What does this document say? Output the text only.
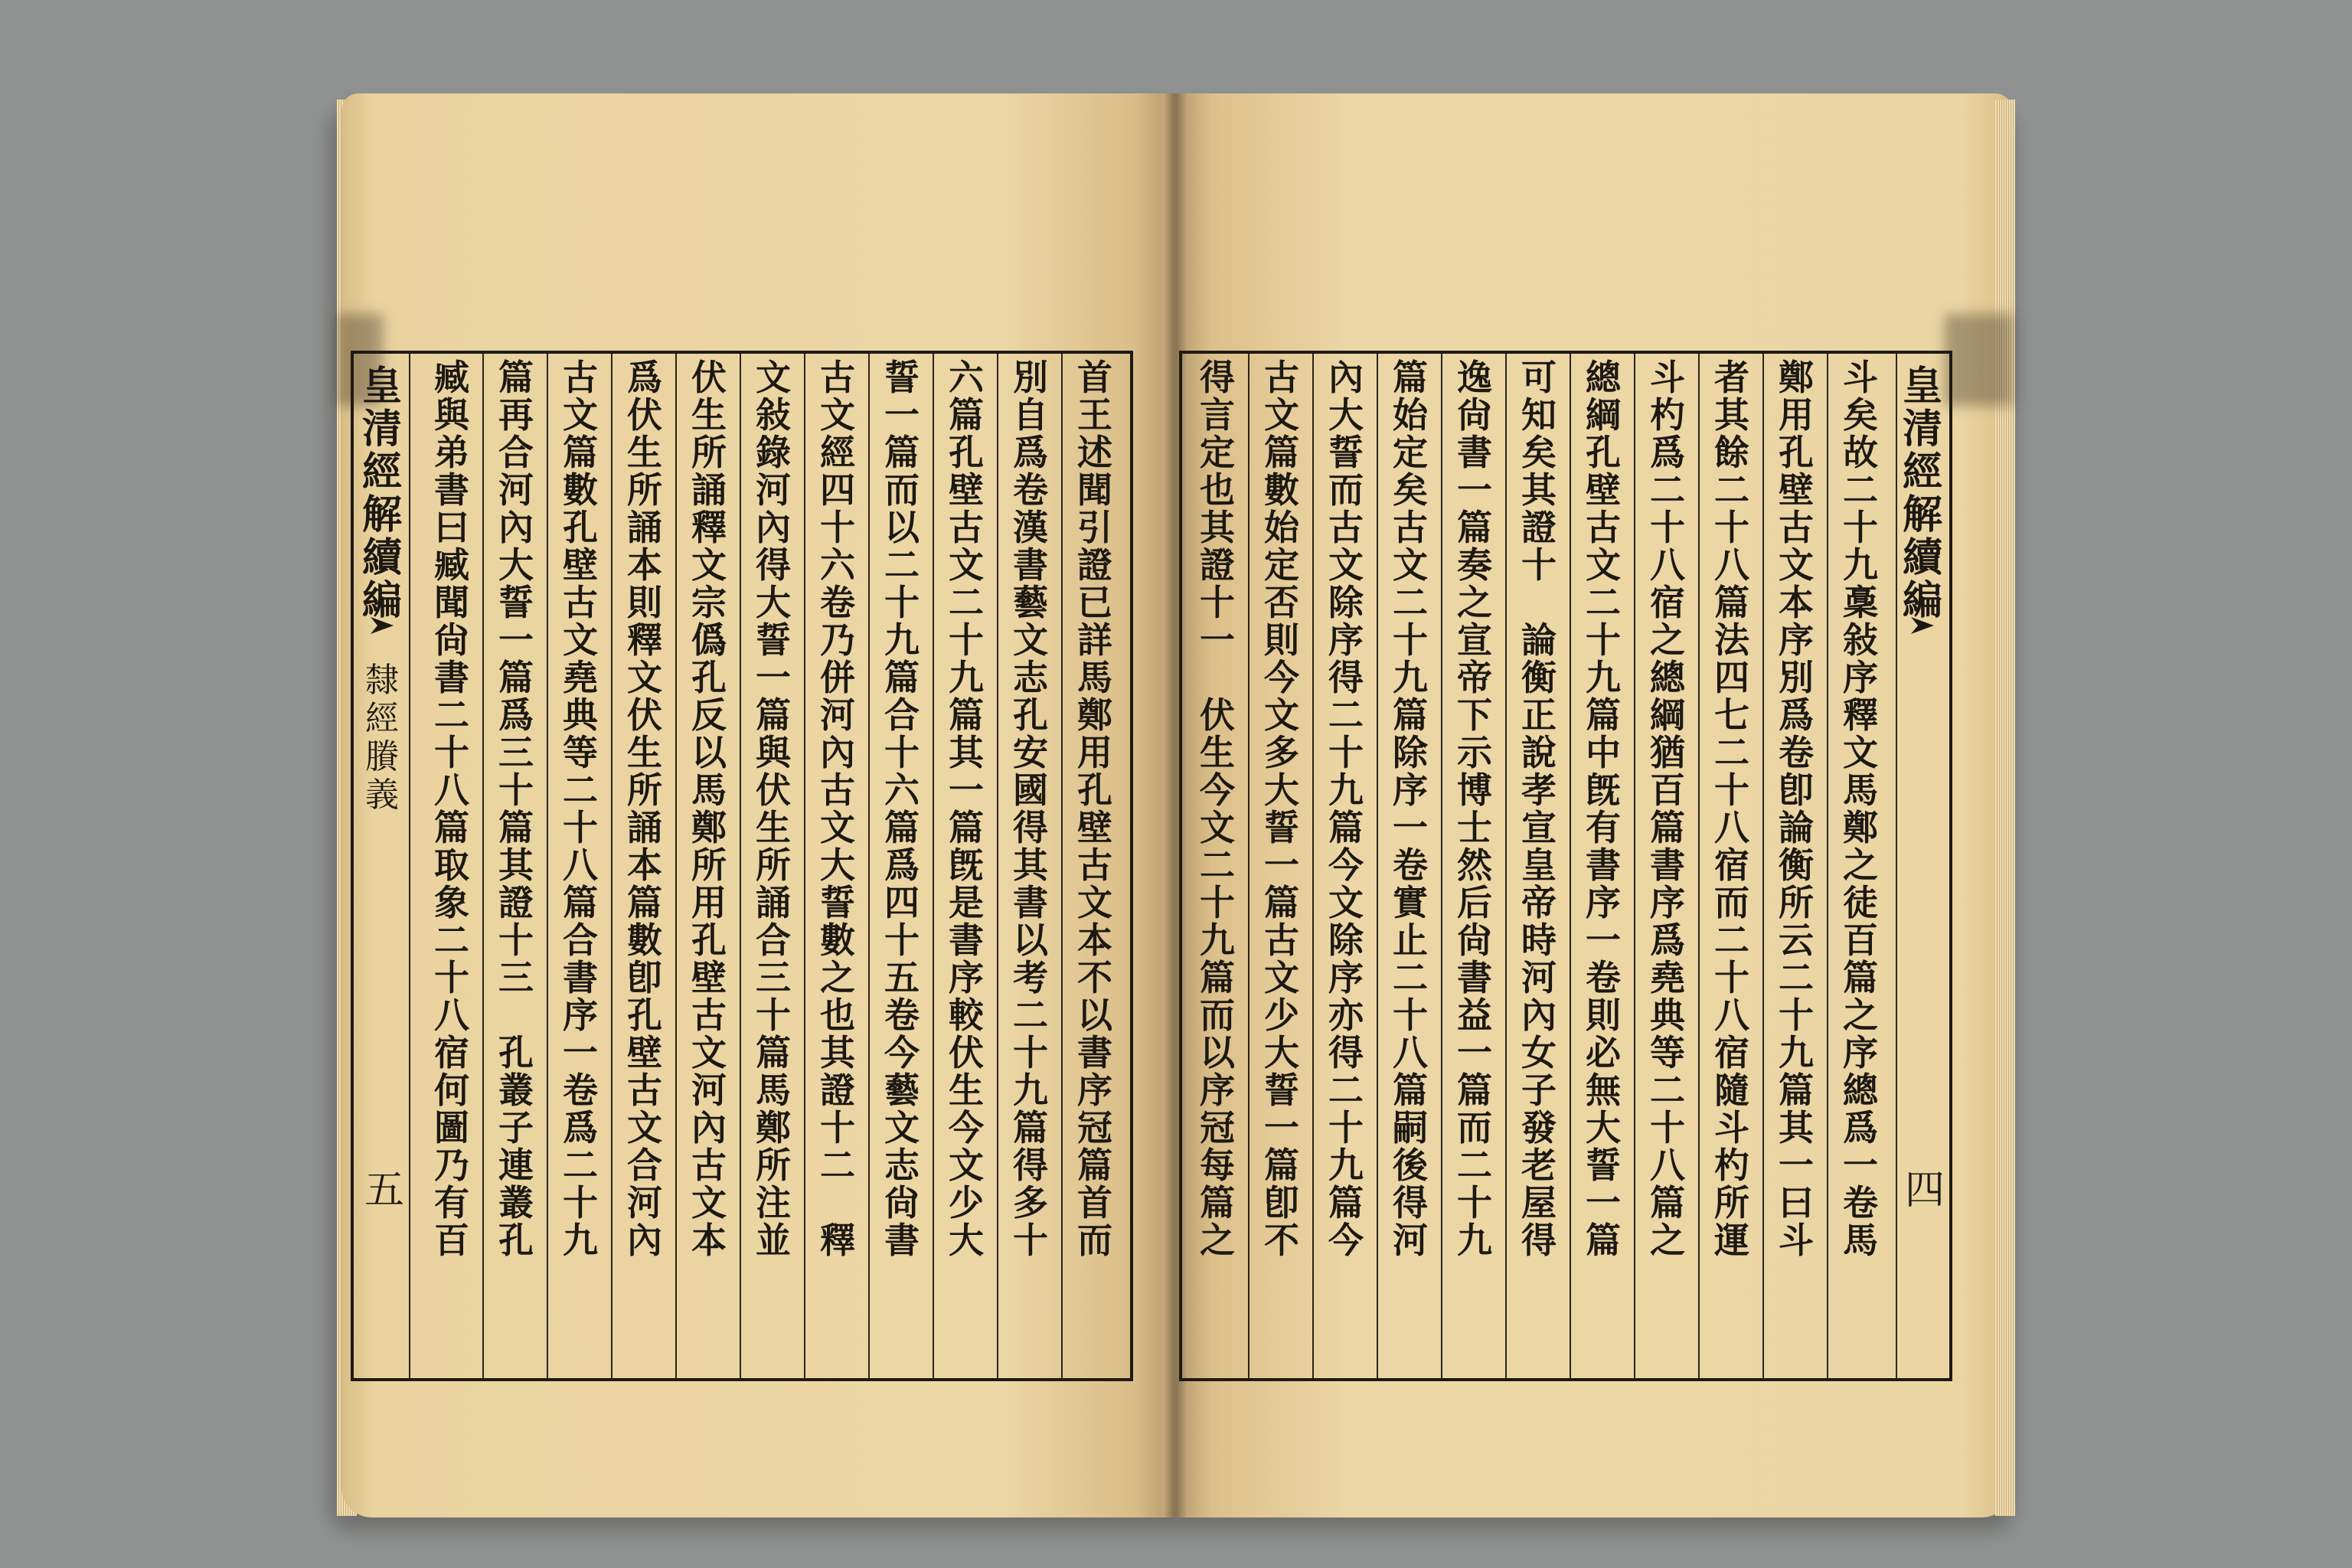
皇
清
經
解
續
編
隸
經
賸
義
五
首
王
述
聞
引
證
已
詳
馬
鄭
用
孔
壁
古
文
本
不
以
書
序
冠
篇
首
而
別
自
爲
卷
漢
書
藝
文
志
孔
安
國
得
其
書
以
考
二
十
九
篇
得
多
十
六
篇
孔
壁
古
文
二
十
九
篇
其
一
篇
旣
是
書
序
較
伏
生
今
文
少
大
誓
一
篇
而
以
二
十
九
篇
合
十
六
篇
爲
四
十
五
卷
今
藝
文
志
尙
書
古
文
經
四
十
六
卷
乃
併
河
內
古
文
大
誓
數
之
也
其
證
十
二

釋
文
敍
錄
河
內
得
大
誓
一
篇
與
伏
生
所
誦
合
三
十
篇
馬
鄭
所
注
並
伏
生
所
誦
釋
文
宗
僞
孔
反
以
馬
鄭
所
用
孔
壁
古
文
河
內
古
文
本
爲
伏
生
所
誦
本
則
釋
文
伏
生
所
誦
本
篇
數
卽
孔
壁
古
文
合
河
內
古
文
篇
數
孔
壁
古
文
堯
典
等
二
十
八
篇
合
書
序
一
卷
爲
二
十
九
篇
再
合
河
內
大
誓
一
篇
爲
三
十
篇
其
證
十
三

孔
叢
子
連
叢
孔
臧
與
弟
書
曰
臧
聞
尙
書
二
十
八
篇
取
象
二
十
八
宿
何
圖
乃
有
百
皇
清
經
解
續
編
四
斗
矣
故
二
十
九
稾
敍
序
釋
文
馬
鄭
之
徒
百
篇
之
序
總
爲
一
卷
馬
鄭
用
孔
壁
古
文
本
序
別
爲
卷
卽
論
衡
所
云
二
十
九
篇
其
一
曰
斗
者
其
餘
二
十
八
篇
法
四
七
二
十
八
宿
而
二
十
八
宿
隨
斗
杓
所
運
斗
杓
爲
二
十
八
宿
之
總
綱
猶
百
篇
書
序
爲
堯
典
等
二
十
八
篇
之
總
綱
孔
壁
古
文
二
十
九
篇
中
旣
有
書
序
一
卷
則
必
無
大
誓
一
篇
可
知
矣
其
證
十

論
衡
正
說
孝
宣
皇
帝
時
河
內
女
子
發
老
屋
得
逸
尙
書
一
篇
奏
之
宣
帝
下
示
博
士
然
后
尙
書
益
一
篇
而
二
十
九
篇
始
定
矣
古
文
二
十
九
篇
除
序
一
卷
實
止
二
十
八
篇
嗣
後
得
河
內
大
誓
而
古
文
除
序
得
二
十
九
篇
今
文
除
序
亦
得
二
十
九
篇
今
古
文
篇
數
始
定
否
則
今
文
多
大
誓
一
篇
古
文
少
大
誓
一
篇
卽
不
得
言
定
也
其
證
十
一

伏
生
今
文
二
十
九
篇
而
以
序
冠
每
篇
之
